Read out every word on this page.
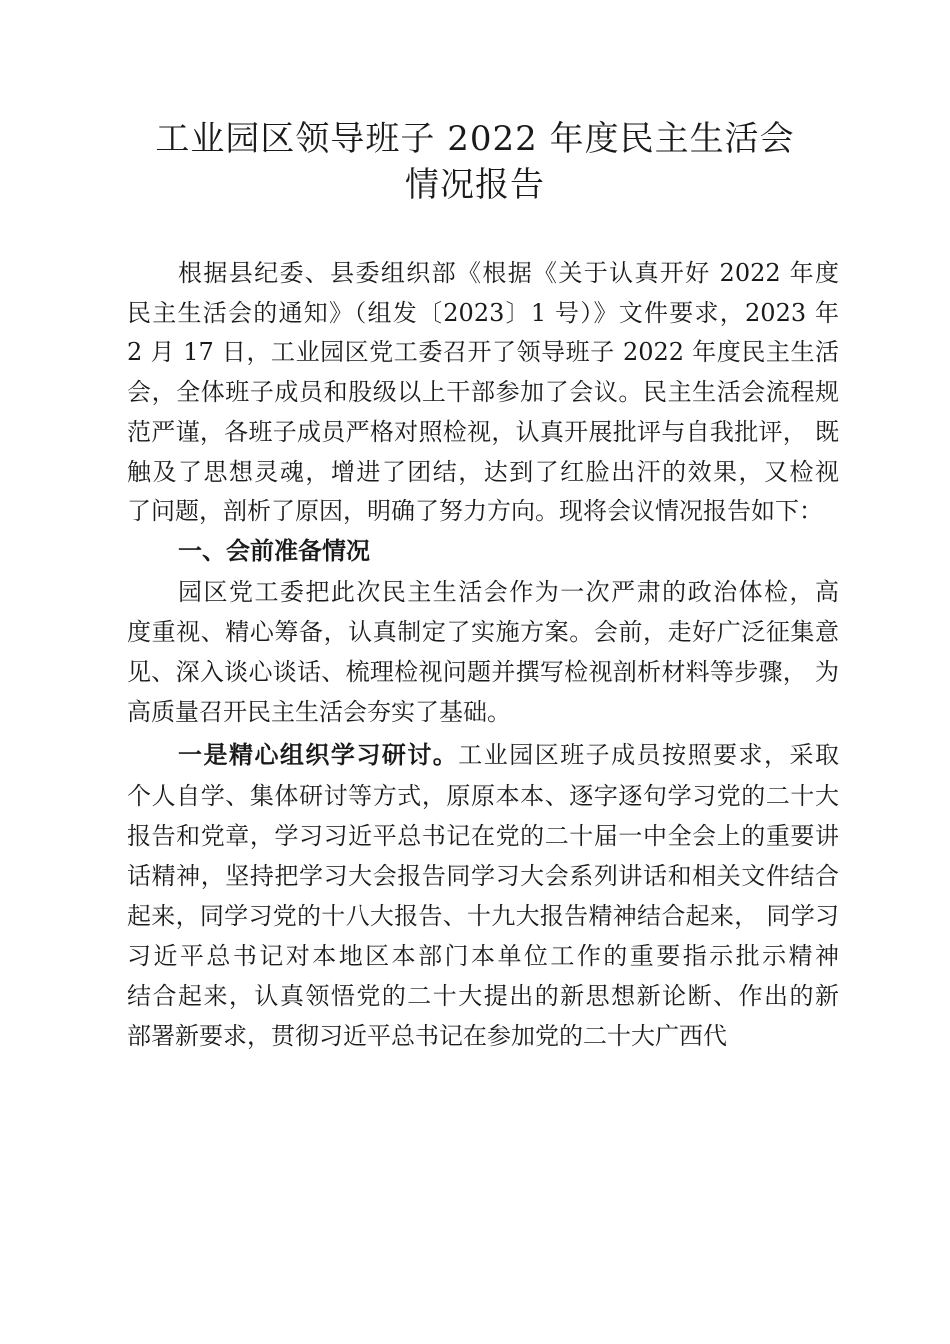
工业园区领导班子 2022 年度民主生活会
情况报告
根据县纪委、县委组织部《根据《关于认真开好 2022 年度
民主生活会的通知》（组发〔2023〕1 号）》文件要求，2023 年
2 月 17 日，工业园区党工委召开了领导班子 2022 年度民主生活
会，全体班子成员和股级以上干部参加了会议。民主生活会流程规
范严谨，各班子成员严格对照检视，认真开展批评与自我批评， 既
触及了思想灵魂，增进了团结，达到了红脸出汗的效果，又检视
了问题，剖析了原因，明确了努力方向。现将会议情况报告如下：
一、会前准备情况
园区党工委把此次民主生活会作为一次严肃的政治体检，高
度重视、精心筹备，认真制定了实施方案。会前，走好广泛征集意
见、深入谈心谈话、梳理检视问题并撰写检视剖析材料等步骤， 为
高质量召开民主生活会夯实了基础。
一是精心组织学习研讨。工业园区班子成员按照要求，采取
个人自学、集体研讨等方式，原原本本、逐字逐句学习党的二十大
报告和党章，学习习近平总书记在党的二十届一中全会上的重要讲
话精神，坚持把学习大会报告同学习大会系列讲话和相关文件结合
起来，同学习党的十八大报告、十九大报告精神结合起来， 同学习
习近平总书记对本地区本部门本单位工作的重要指示批示精神
结合起来，认真领悟党的二十大提出的新思想新论断、作出的新
部署新要求，贯彻习近平总书记在参加党的二十大广西代
